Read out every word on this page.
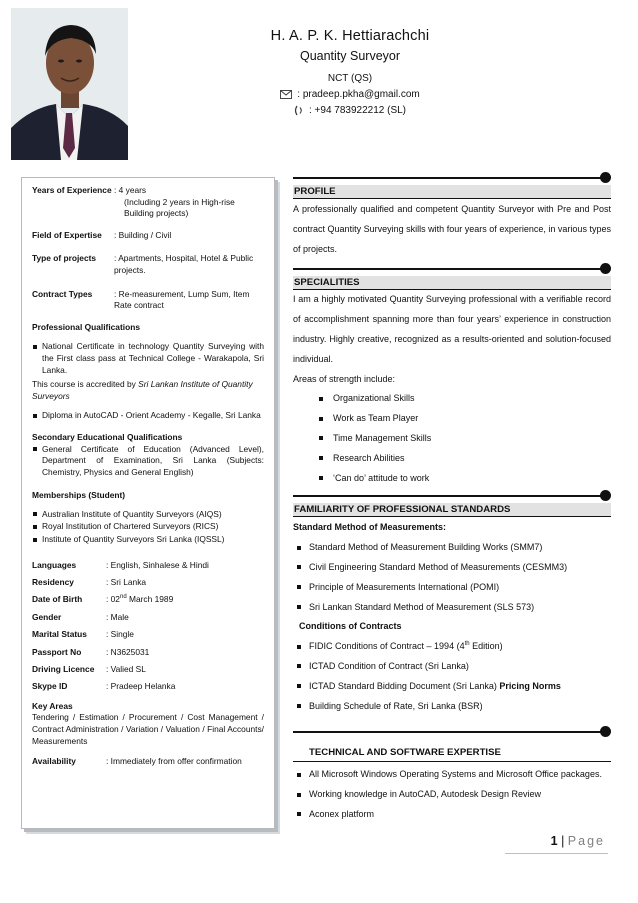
H. A. P. K. Hettiarachchi
Quantity Surveyor
NCT (QS)
: pradeep.pkha@gmail.com
: +94 783922212 (SL)
Years of Experience : 4 years
(Including 2 years in High-rise Building projects)
Field of Expertise	: Building / Civil
Type of projects	: Apartments, Hospital, Hotel & Public projects.
Contract Types	: Re-measurement, Lump Sum, Item Rate contract
Professional Qualifications
National Certificate in technology Quantity Surveying with the First class pass at Technical College - Warakapola, Sri Lanka.
This course is accredited by Sri Lankan Institute of Quantity Surveyors
Diploma in AutoCAD - Orient Academy - Kegalle, Sri Lanka
Secondary Educational Qualifications
General Certificate of Education (Advanced Level), Department of Examination, Sri Lanka (Subjects: Chemistry, Physics and General English)
Memberships (Student)
Australian Institute of Quantity Surveyors (AIQS)
Royal Institution of Chartered Surveyors (RICS)
Institute of Quantity Surveyors Sri Lanka (IQSSL)
Languages	: English, Sinhalese & Hindi
Residency	: Sri Lanka
Date of Birth	: 02nd March 1989
Gender	: Male
Marital Status	: Single
Passport No	: N3625031
Driving Licence	: Valied SL
Skype ID	: Pradeep Helanka
Key Areas
Tendering / Estimation / Procurement / Cost Management / Contract Administration / Variation / Valuation / Final Accounts/ Measurements
Availability	: Immediately from offer confirmation
PROFILE
A professionally qualified and competent Quantity Surveyor with Pre and Post contract Quantity Surveying skills with four years of experience, in various types of projects.
SPECIALITIES
I am a highly motivated Quantity Surveying professional with a verifiable record of accomplishment spanning more than four years’ experience in construction industry. Highly creative, recognized as a results-oriented and solution-focused individual.
Areas of strength include:
Organizational Skills
Work as Team Player
Time Management Skills
Research Abilities
‘Can do’ attitude to work
FAMILIARITY OF PROFESSIONAL STANDARDS
Standard Method of Measurements:
Standard Method of Measurement Building Works (SMM7)
Civil Engineering Standard Method of Measurements (CESMM3)
Principle of Measurements International (POMI)
Sri Lankan Standard Method of Measurement (SLS 573)
Conditions of Contracts
FIDIC Conditions of Contract – 1994 (4th Edition)
ICTAD Condition of Contract (Sri Lanka)
ICTAD Standard Bidding Document (Sri Lanka) Pricing Norms
Building Schedule of Rate, Sri Lanka (BSR)
TECHNICAL AND SOFTWARE EXPERTISE
All Microsoft Windows Operating Systems and Microsoft Office packages.
Working knowledge in AutoCAD, Autodesk Design Review
Aconex platform
1 | Page
